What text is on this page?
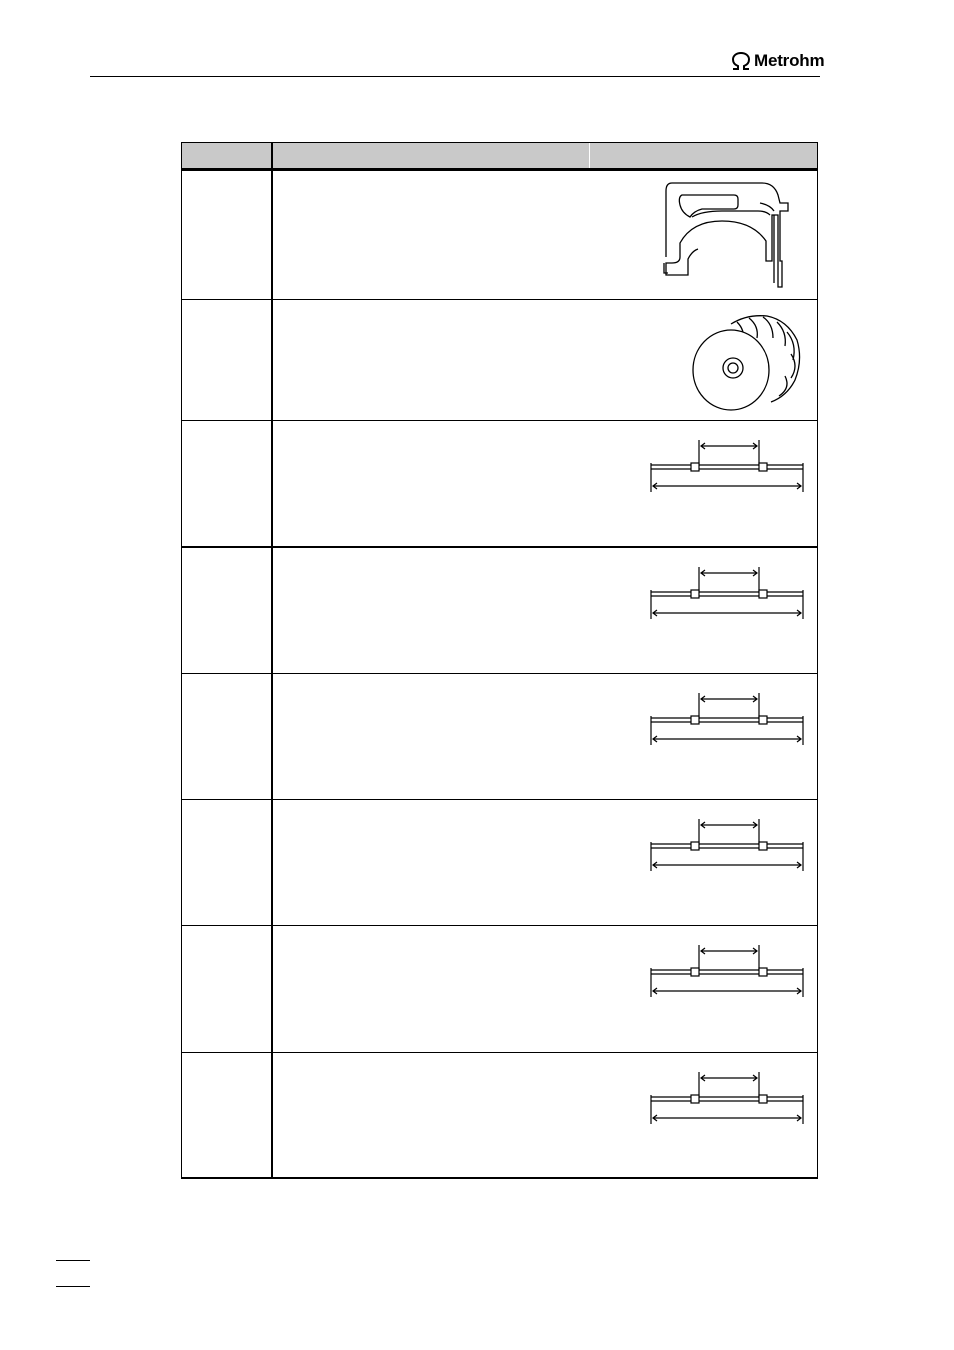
Metrohm
